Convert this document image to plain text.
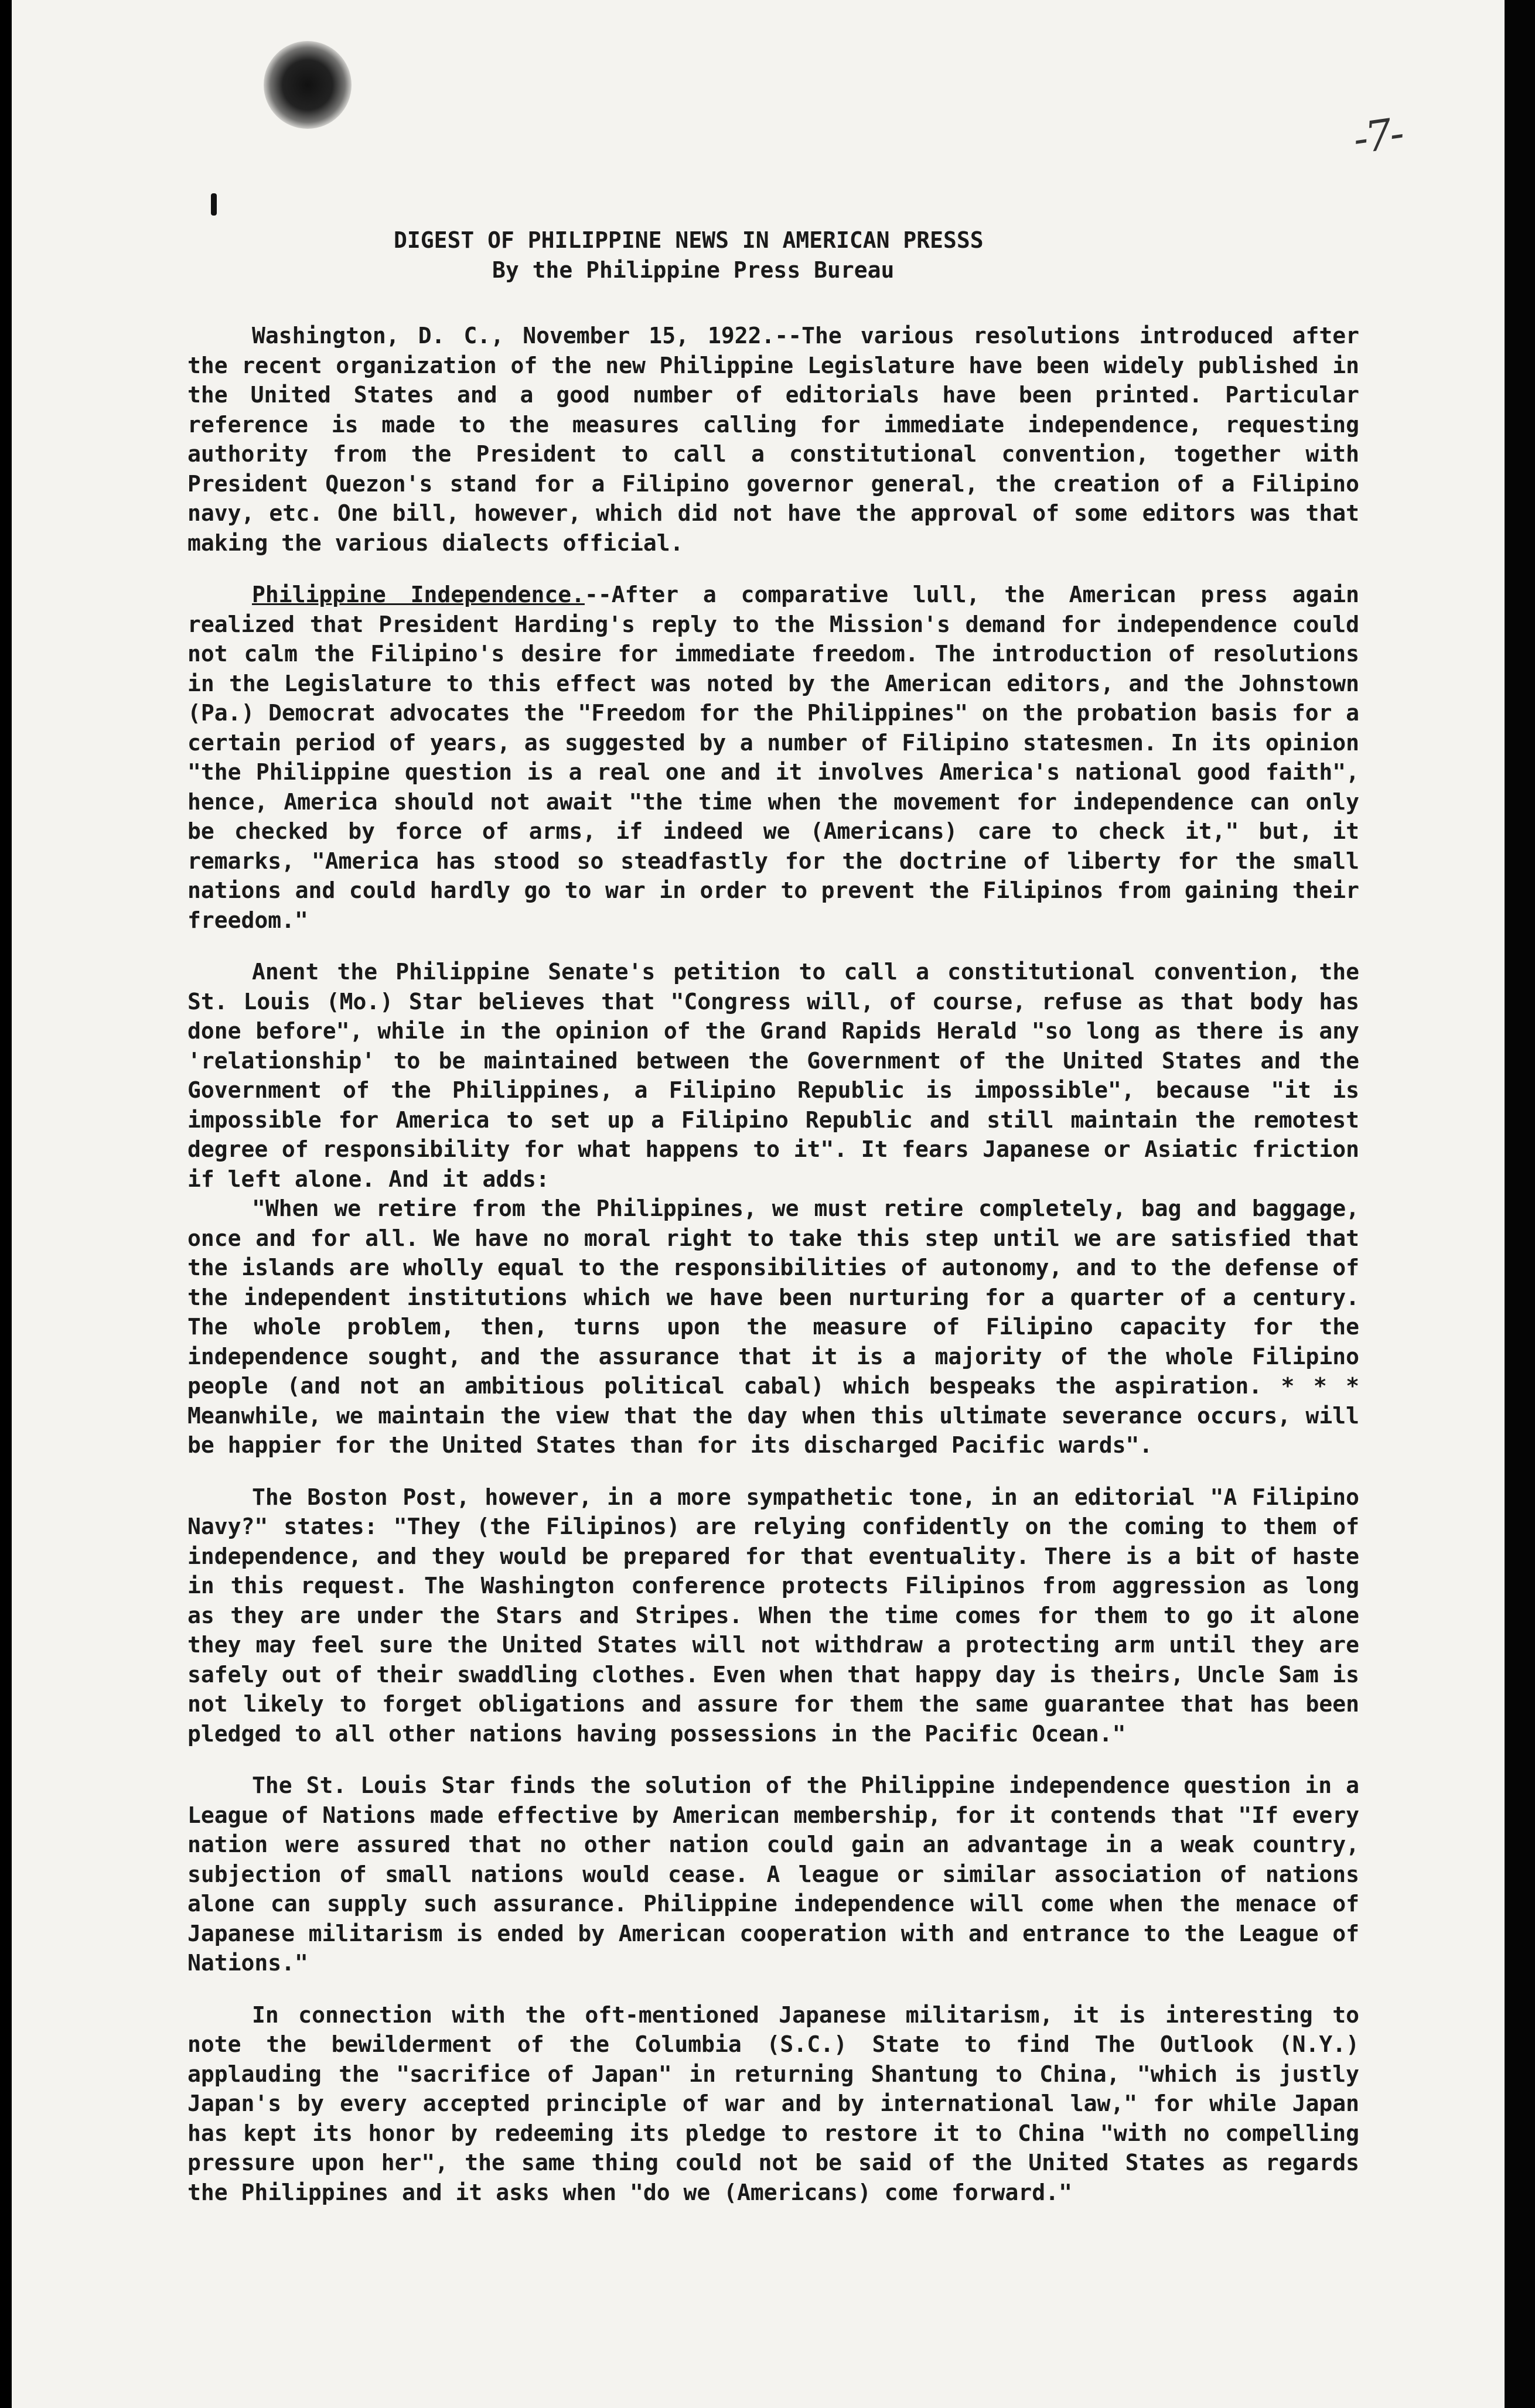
-7-
DIGEST OF PHILIPPINE NEWS IN AMERICAN PRESSS
By the Philippine Press Bureau

Washington, D. C., November 15, 1922.--The various resolutions introduced after the recent organization of the new Philippine Legislature have been widely published in the United States and a good number of editorials have been printed. Particular reference is made to the measures calling for immediate independence, requesting authority from the President to call a constitutional convention, together with President Quezon's stand for a Filipino governor general, the creation of a Filipino navy, etc. One bill, however, which did not have the approval of some editors was that making the various dialects official.

Philippine Independence.--After a comparative lull, the American press again realized that President Harding's reply to the Mission's demand for independence could not calm the Filipino's desire for immediate freedom. The introduction of resolutions in the Legislature to this effect was noted by the American editors, and the Johnstown (Pa.) Democrat advocates the "Freedom for the Philippines" on the probation basis for a certain period of years, as suggested by a number of Filipino statesmen. In its opinion "the Philippine question is a real one and it involves America's national good faith", hence, America should not await "the time when the movement for independence can only be checked by force of arms, if indeed we (Americans) care to check it," but, it remarks, "America has stood so steadfastly for the doctrine of liberty for the small nations and could hardly go to war in order to prevent the Filipinos from gaining their freedom."

Anent the Philippine Senate's petition to call a constitutional convention, the St. Louis (Mo.) Star believes that "Congress will, of course, refuse as that body has done before", while in the opinion of the Grand Rapids Herald "so long as there is any 'relationship' to be maintained between the Government of the United States and the Government of the Philippines, a Filipino Republic is impossible", because "it is impossible for America to set up a Filipino Republic and still maintain the remotest degree of responsibility for what happens to it". It fears Japanese or Asiatic friction if left alone. And it adds:

"When we retire from the Philippines, we must retire completely, bag and baggage, once and for all. We have no moral right to take this step until we are satisfied that the islands are wholly equal to the responsibilities of autonomy, and to the defense of the independent institutions which we have been nurturing for a quarter of a century. The whole problem, then, turns upon the measure of Filipino capacity for the independence sought, and the assurance that it is a majority of the whole Filipino people (and not an ambitious political cabal) which bespeaks the aspiration. * * * Meanwhile, we maintain the view that the day when this ultimate severance occurs, will be happier for the United States than for its discharged Pacific wards".

The Boston Post, however, in a more sympathetic tone, in an editorial "A Filipino Navy?" states: "They (the Filipinos) are relying confidently on the coming to them of independence, and they would be prepared for that eventuality. There is a bit of haste in this request. The Washington conference protects Filipinos from aggression as long as they are under the Stars and Stripes. When the time comes for them to go it alone they may feel sure the United States will not withdraw a protecting arm until they are safely out of their swaddling clothes. Even when that happy day is theirs, Uncle Sam is not likely to forget obligations and assure for them the same guarantee that has been pledged to all other nations having possessions in the Pacific Ocean."

The St. Louis Star finds the solution of the Philippine independence question in a League of Nations made effective by American membership, for it contends that "If every nation were assured that no other nation could gain an advantage in a weak country, subjection of small nations would cease. A league or similar association of nations alone can supply such assurance. Philippine independence will come when the menace of Japanese militarism is ended by American cooperation with and entrance to the League of Nations."

In connection with the oft-mentioned Japanese militarism, it is interesting to note the bewilderment of the Columbia (S.C.) State to find The Outlook (N.Y.) applauding the "sacrifice of Japan" in returning Shantung to China, "which is justly Japan's by every accepted principle of war and by international law," for while Japan has kept its honor by redeeming its pledge to restore it to China "with no compelling pressure upon her", the same thing could not be said of the United States as regards the Philippines and it asks when "do we (Americans) come forward."
